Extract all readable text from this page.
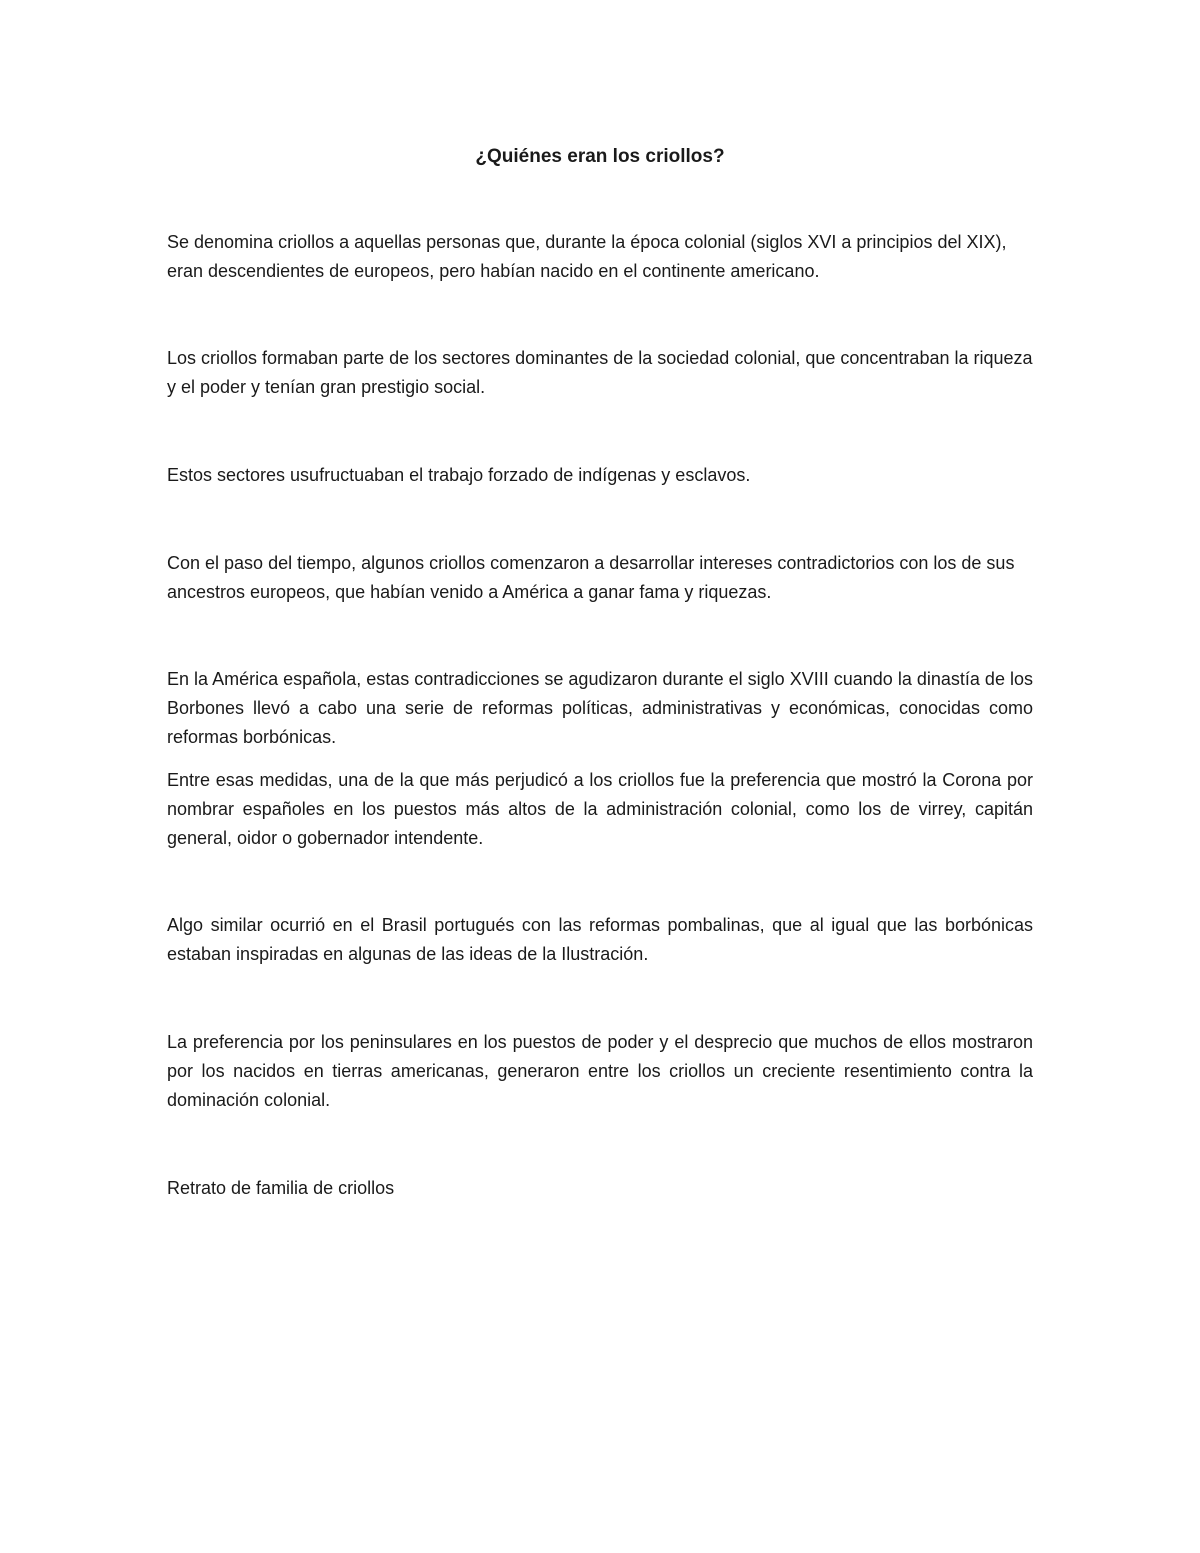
¿Quiénes eran los criollos?

Se denomina criollos a aquellas personas que, durante la época colonial (siglos XVI a principios del XIX), eran descendientes de europeos, pero habían nacido en el continente americano.

Los criollos formaban parte de los sectores dominantes de la sociedad colonial, que concentraban la riqueza y el poder y tenían gran prestigio social.

Estos sectores usufructuaban el trabajo forzado de indígenas y esclavos.

Con el paso del tiempo, algunos criollos comenzaron a desarrollar intereses contradictorios con los de sus ancestros europeos, que habían venido a América a ganar fama y riquezas.

En la América española, estas contradicciones se agudizaron durante el siglo XVIII cuando la dinastía de los Borbones llevó a cabo una serie de reformas políticas, administrativas y económicas, conocidas como reformas borbónicas.

Entre esas medidas, una de la que más perjudicó a los criollos fue la preferencia que mostró la Corona por nombrar españoles en los puestos más altos de la administración colonial, como los de virrey, capitán general, oidor o gobernador intendente.

Algo similar ocurrió en el Brasil portugués con las reformas pombalinas, que al igual que las borbónicas estaban inspiradas en algunas de las ideas de la Ilustración.

La preferencia por los peninsulares en los puestos de poder y el desprecio que muchos de ellos mostraron por los nacidos en tierras americanas, generaron entre los criollos un creciente resentimiento contra la dominación colonial.

Retrato de familia de criollos
